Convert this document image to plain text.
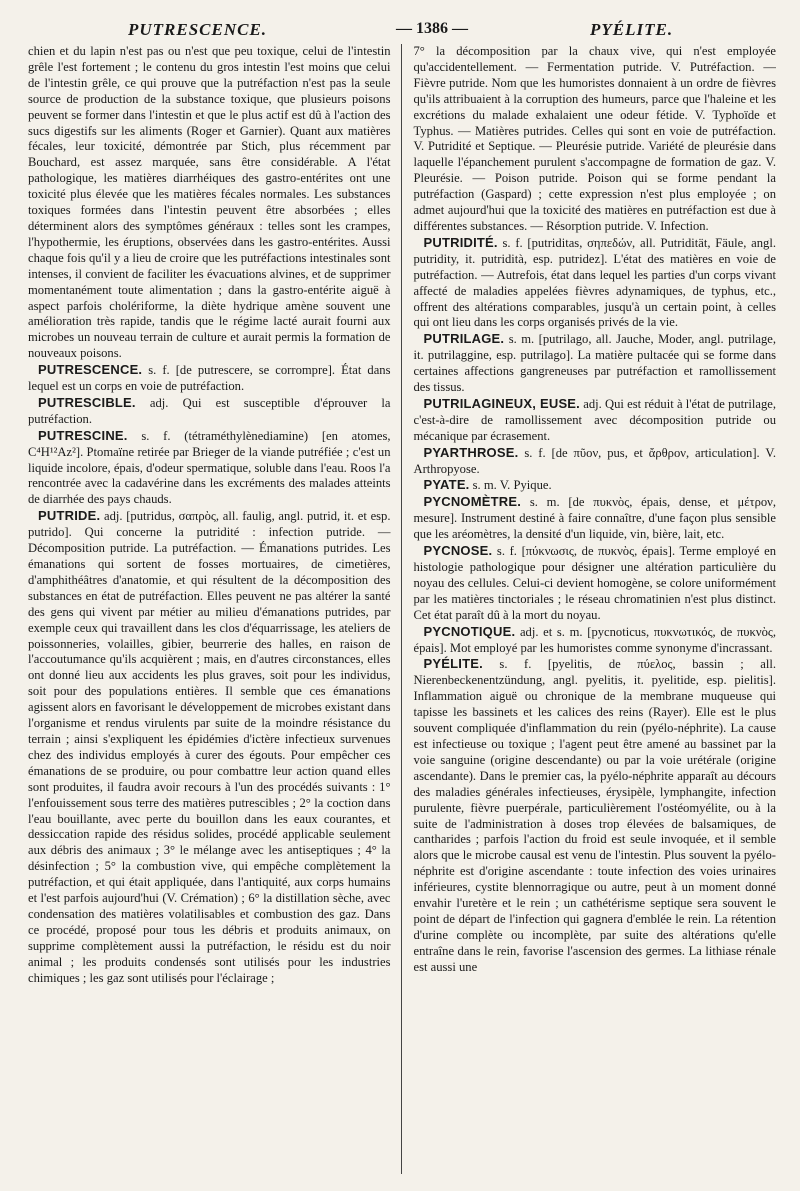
PUTRESCENCE.	— 1386 —	PYÉLITE.

chien et du lapin n'est pas ou n'est que peu toxique, celui de l'intestin grêle l'est fortement ; le contenu du gros intestin l'est moins que celui de l'intestin grêle, ce qui prouve que la putréfaction n'est pas la seule source de production de la substance toxique, que plusieurs poisons peuvent se former dans l'intestin et que le plus actif est dû à l'action des sucs digestifs sur les aliments (Roger et Garnier). Quant aux matières fécales, leur toxicité, démontrée par Stich, plus récemment par Bouchard, est assez marquée, sans être considérable. A l'état pathologique, les matières diarrhéiques des gastro-entérites ont une toxicité plus élevée que les matières fécales normales. Les substances toxiques formées dans l'intestin peuvent être absorbées ; elles déterminent alors des symptômes généraux : telles sont les crampes, l'hypothermie, les éruptions, observées dans les gastro-entérites. Aussi chaque fois qu'il y a lieu de croire que les putréfactions intestinales sont intenses, il convient de faciliter les évacuations alvines, et de supprimer momentanément toute alimentation ; dans la gastro-entérite aiguë à aspect parfois cholériforme, la diète hydrique amène souvent une amélioration très rapide, tandis que le régime lacté aurait fourni aux microbes un nouveau terrain de culture et aurait permis la formation de nouveaux poisons.

PUTRESCENCE. s. f. [de putrescere, se corrompre]. État dans lequel est un corps en voie de putréfaction.

PUTRESCIBLE. adj. Qui est susceptible d'éprouver la putréfaction.

PUTRESCINE. s. f. (tétraméthylènediamine) [en atomes, C⁴H¹²Az²]. Ptomaïne retirée par Brieger de la viande putréfiée ; c'est un liquide incolore, épais, d'odeur spermatique, soluble dans l'eau. Roos l'a rencontrée avec la cadavérine dans les excréments des malades atteints de diarrhée des pays chauds.

PUTRIDE. adj. [putridus, σαπρὸς, all. faulig, angl. putrid, it. et esp. putrido]. Qui concerne la putridité : infection putride. — Décomposition putride. La putréfaction. — Émanations putrides. Les émanations qui sortent de fosses mortuaires, de cimetières, d'amphithéâtres d'anatomie, et qui résultent de la décomposition des substances en état de putréfaction. Elles peuvent ne pas altérer la santé des gens qui vivent par métier au milieu d'émanations putrides, par exemple ceux qui travaillent dans les clos d'équarrissage, les ateliers de poissonneries, volailles, gibier, beurrerie des halles, en raison de l'accoutumance qu'ils acquièrent ; mais, en d'autres circonstances, elles ont donné lieu aux accidents les plus graves, soit pour les individus, soit pour des populations entières. Il semble que ces émanations agissent alors en favorisant le développement de microbes existant dans l'organisme et rendus virulents par suite de la moindre résistance du terrain ; ainsi s'expliquent les épidémies d'ictère infectieux survenues chez des individus employés à curer des égouts. Pour empêcher ces émanations de se produire, ou pour combattre leur action quand elles sont produites, il faudra avoir recours à l'un des procédés suivants : 1° l'enfouissement sous terre des matières putrescibles ; 2° la coction dans l'eau bouillante, avec perte du bouillon dans les eaux courantes, et dessiccation rapide des résidus solides, procédé applicable seulement aux débris des animaux ; 3° le mélange avec les antiseptiques ; 4° la désinfection ; 5° la combustion vive, qui empêche complètement la putréfaction, et qui était appliquée, dans l'antiquité, aux corps humains et l'est parfois aujourd'hui (V. Crémation) ; 6° la distillation sèche, avec condensation des matières volatilisables et combustion des gaz. Dans ce procédé, proposé pour tous les débris et produits animaux, on supprime complètement aussi la putréfaction, le résidu est du noir animal ; les produits condensés sont utilisés pour les industries chimiques ; les gaz sont utilisés pour l'éclairage ;

7° la décomposition par la chaux vive, qui n'est employée qu'accidentellement. — Fermentation putride. V. Putréfaction. — Fièvre putride. Nom que les humoristes donnaient à un ordre de fièvres qu'ils attribuaient à la corruption des humeurs, parce que l'haleine et les excrétions du malade exhalaient une odeur fétide. V. Typhoïde et Typhus. — Matières putrides. Celles qui sont en voie de putréfaction. V. Putridité et Septique. — Pleurésie putride. Variété de pleurésie dans laquelle l'épanchement purulent s'accompagne de formation de gaz. V. Pleurésie. — Poison putride. Poison qui se forme pendant la putréfaction (Gaspard) ; cette expression n'est plus employée ; on admet aujourd'hui que la toxicité des matières en putréfaction est due à différentes substances. — Résorption putride. V. Infection.

PUTRIDITÉ. s. f. [putriditas, σηπεδών, all. Putridität, Fäule, angl. putridity, it. putridità, esp. putridez]. L'état des matières en voie de putréfaction. — Autrefois, état dans lequel les parties d'un corps vivant affecté de maladies appelées fièvres adynamiques, de typhus, etc., offrent des altérations comparables, jusqu'à un certain point, à celles qui ont lieu dans les corps organisés privés de la vie.

PUTRILAGE. s. m. [putrilago, all. Jauche, Moder, angl. putrilage, it. putrilaggine, esp. putrilago]. La matière pultacée qui se forme dans certaines affections gangreneuses par putréfaction et ramollissement des tissus.

PUTRILAGINEUX, EUSE. adj. Qui est réduit à l'état de putrilage, c'est-à-dire de ramollissement avec décomposition putride ou mécanique par écrasement.

PYARTHROSE. s. f. [de πῦον, pus, et ἄρθρον, articulation]. V. Arthropyose.

PYATE. s. m. V. Pyique.

PYCNOMÈTRE. s. m. [de πυκνὸς, épais, dense, et μέτρον, mesure]. Instrument destiné à faire connaître, d'une façon plus sensible que les aréomètres, la densité d'un liquide, vin, bière, lait, etc.

PYCNOSE. s. f. [πύκνωσις, de πυκνὸς, épais]. Terme employé en histologie pathologique pour désigner une altération particulière du noyau des cellules. Celui-ci devient homogène, se colore uniformément par les matières tinctoriales ; le réseau chromatinien n'est plus distinct. Cet état paraît dû à la mort du noyau.

PYCNOTIQUE. adj. et s. m. [pycnoticus, πυκνωτικός, de πυκνὸς, épais]. Mot employé par les humoristes comme synonyme d'incrassant.

PYÉLITE. s. f. [pyelitis, de πύελος, bassin ; all. Nierenbeckenentzündung, angl. pyelitis, it. pyelitide, esp. pielitis]. Inflammation aiguë ou chronique de la membrane muqueuse qui tapisse les bassinets et les calices des reins (Rayer). Elle est le plus souvent compliquée d'inflammation du rein (pyélo-néphrite). La cause est infectieuse ou toxique ; l'agent peut être amené au bassinet par la voie sanguine (origine descendante) ou par la voie urétérale (origine ascendante). Dans le premier cas, la pyélo-néphrite apparaît au décours des maladies générales infectieuses, érysipèle, lymphangite, infection purulente, fièvre puerpérale, particulièrement l'ostéomyélite, ou à la suite de l'administration à doses trop élevées de balsamiques, de cantharides ; parfois l'action du froid est seule invoquée, et il semble alors que le microbe causal est venu de l'intestin. Plus souvent la pyélo-néphrite est d'origine ascendante : toute infection des voies urinaires inférieures, cystite blennorragique ou autre, peut à un moment donné envahir l'uretère et le rein ; un cathétérisme septique sera souvent le point de départ de l'infection qui gagnera d'emblée le rein. La rétention d'urine complète ou incomplète, par suite des altérations qu'elle entraîne dans le rein, favorise l'ascension des germes. La lithiase rénale est aussi une
